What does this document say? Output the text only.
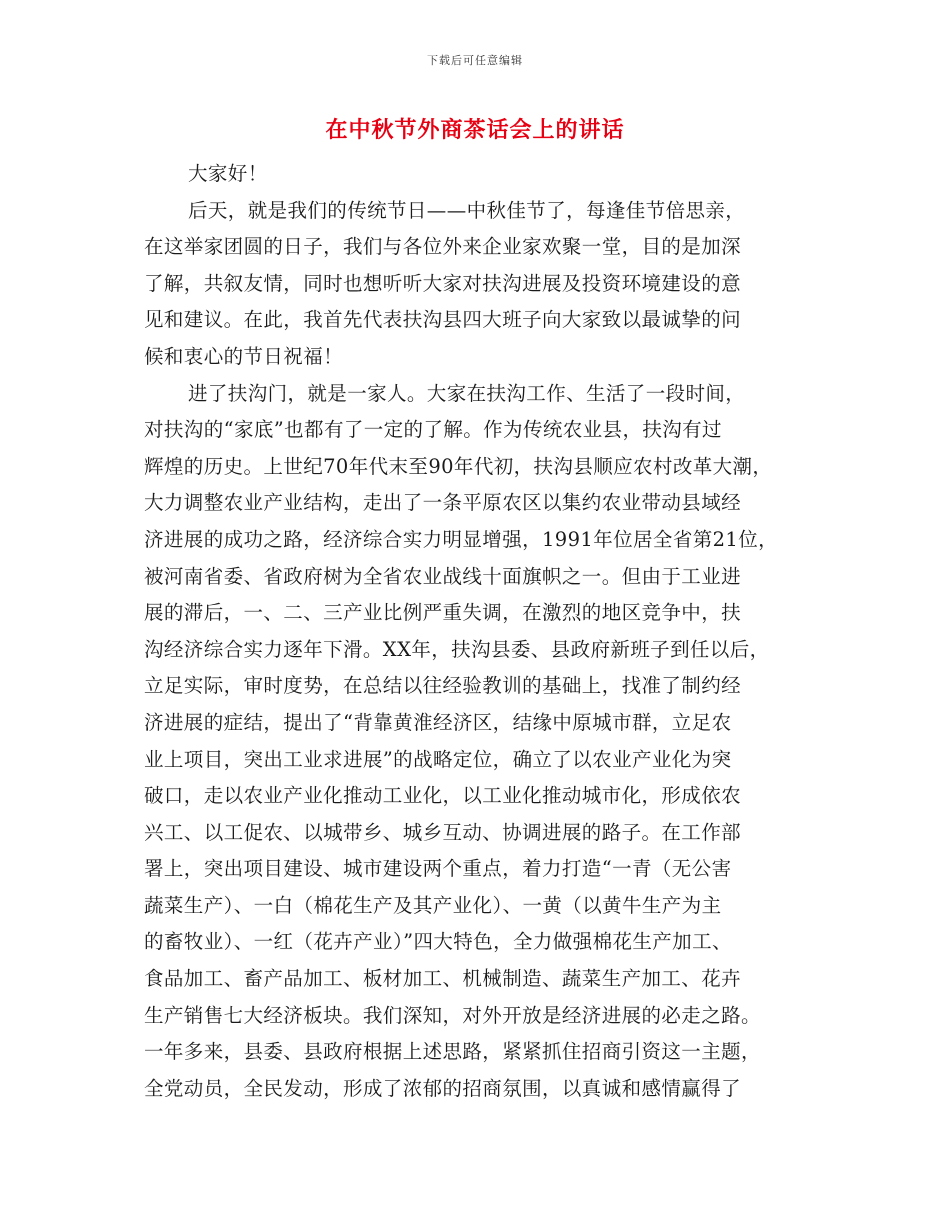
下载后可任意编辑
在中秋节外商茶话会上的讲话
大家好！
后天，就是我们的传统节日——中秋佳节了，每逢佳节倍思亲，
在这举家团圆的日子，我们与各位外来企业家欢聚一堂，目的是加深
了解，共叙友情，同时也想听听大家对扶沟进展及投资环境建设的意
见和建议。在此，我首先代表扶沟县四大班子向大家致以最诚挚的问
候和衷心的节日祝福！
进了扶沟门，就是一家人。大家在扶沟工作、生活了一段时间，
对扶沟的“家底”也都有了一定的了解。作为传统农业县，扶沟有过
辉煌的历史。上世纪70年代末至90年代初，扶沟县顺应农村改革大潮，
大力调整农业产业结构，走出了一条平原农区以集约农业带动县域经
济进展的成功之路，经济综合实力明显增强，1991年位居全省第21位，
被河南省委、省政府树为全省农业战线十面旗帜之一。但由于工业进
展的滞后，一、二、三产业比例严重失调，在激烈的地区竞争中，扶
沟经济综合实力逐年下滑。XX年，扶沟县委、县政府新班子到任以后，
立足实际，审时度势，在总结以往经验教训的基础上，找准了制约经
济进展的症结，提出了“背靠黄淮经济区，结缘中原城市群，立足农
业上项目，突出工业求进展”的战略定位，确立了以农业产业化为突
破口，走以农业产业化推动工业化，以工业化推动城市化，形成依农
兴工、以工促农、以城带乡、城乡互动、协调进展的路子。在工作部
署上，突出项目建设、城市建设两个重点，着力打造“一青（无公害
蔬菜生产）、一白（棉花生产及其产业化）、一黄（以黄牛生产为主
的畜牧业）、一红（花卉产业）”四大特色，全力做强棉花生产加工、
食品加工、畜产品加工、板材加工、机械制造、蔬菜生产加工、花卉
生产销售七大经济板块。我们深知，对外开放是经济进展的必走之路。
一年多来，县委、县政府根据上述思路，紧紧抓住招商引资这一主题，
全党动员，全民发动，形成了浓郁的招商氛围，以真诚和感情赢得了
